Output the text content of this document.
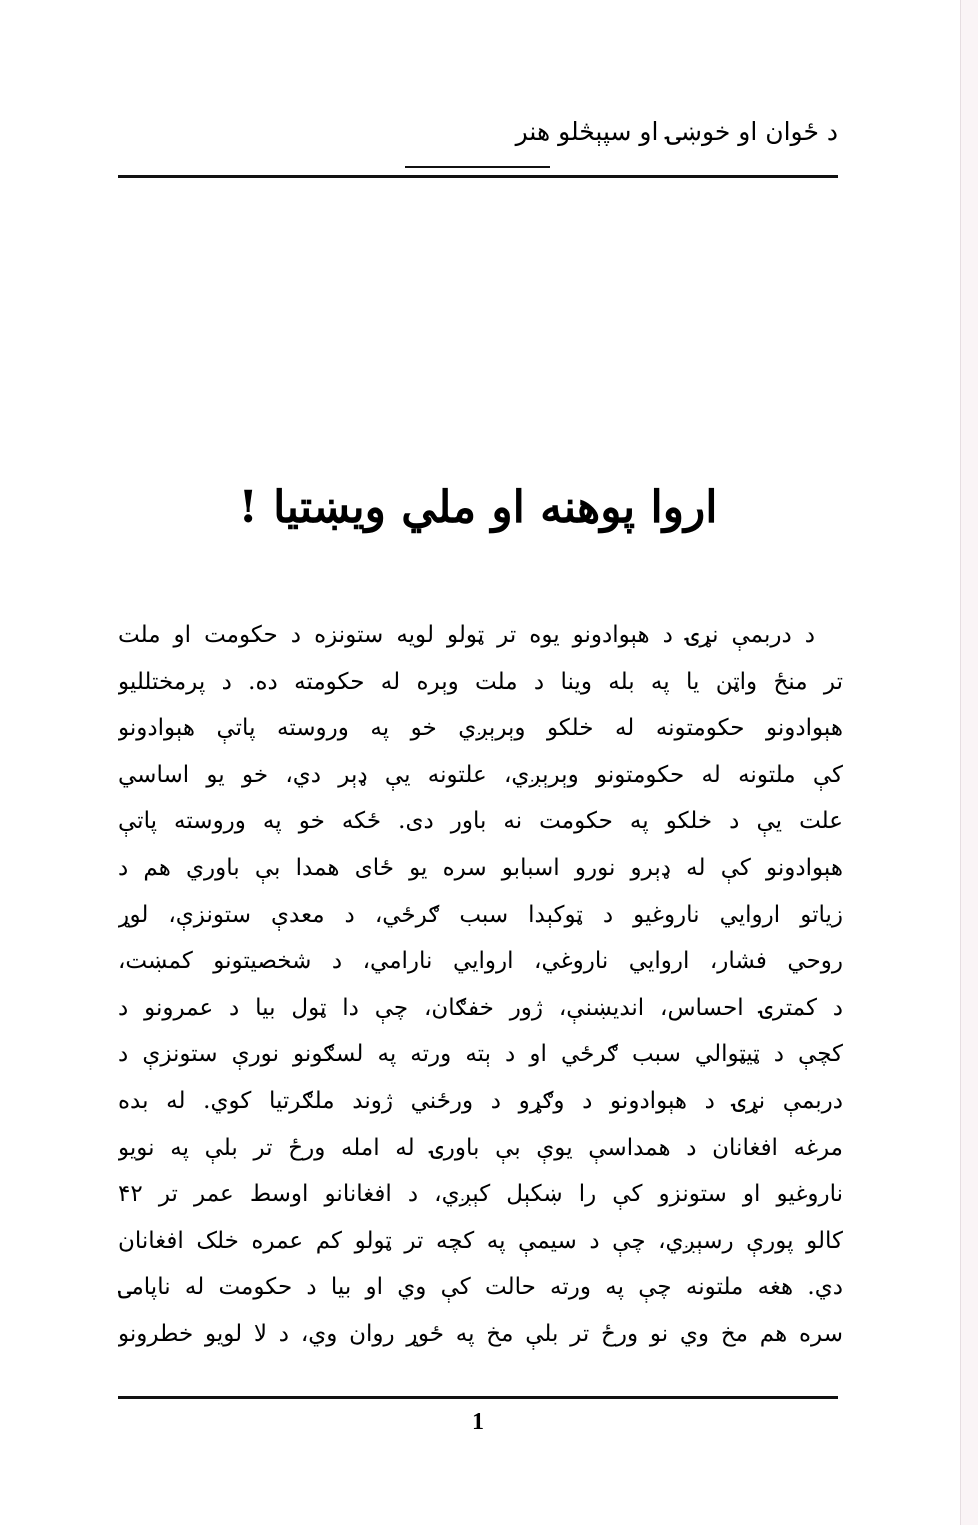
د ځوان او خوښۍ او سپېڅلو هنر
اروا پوهنه او ملي ويښتيا !
د دربمې نړۍ د هېوادونو يوه تر ټولو لويه ستونزه د حکومت او ملت
تر منځ واټن يا په بله وينا د ملت وېره له حکومته ده. د پرمختلليو
هېوادونو حکومتونه له خلکو وېرېږي خو په وروسته پاتې هېوادونو
کې ملتونه له حکومتونو وېرېږي، علتونه يې ډېر دي، خو يو اساسي
علت يې د خلکو په حکومت نه باور دی. ځکه خو په وروسته پاتې
هېوادونو کې له ډېرو نورو اسبابو سره يو ځای همدا بې باوري هم د
زياتو اروايي ناروغيو د ټوکېدا سبب ګرځي، د معدې ستونزې، لوړ
روحي فشار، اروايي ناروغي، اروايي نارامي، د شخصيتونو کمښت،
د کمترۍ احساس، انديښنې، ژور خفګان، چې دا ټول بيا د عمرونو د
کچې د ټيټوالي سبب ګرځي او د ېته ورته په لسګونو نورې ستونزې د
دربمې نړۍ د هېوادونو د وګړو د ورځني ژوند ملګرتيا کوي. له بده
مرغه افغانان د همداسې يوې بې باورۍ له امله ورځ تر بلې په نويو
ناروغيو او ستونزو کې را ښکېل کېږي، د افغانانو اوسط عمر تر ۴۲
کالو پورې رسېږي، چې د سيمې په کچه تر ټولو کم عمره خلک افغانان
دي. هغه ملتونه چې په ورته حالت کې وي او بيا د حکومت له ناپامۍ
سره هم مخ وي نو ورځ تر بلې مخ په ځوړ روان وي، د لا لويو خطرونو
1
